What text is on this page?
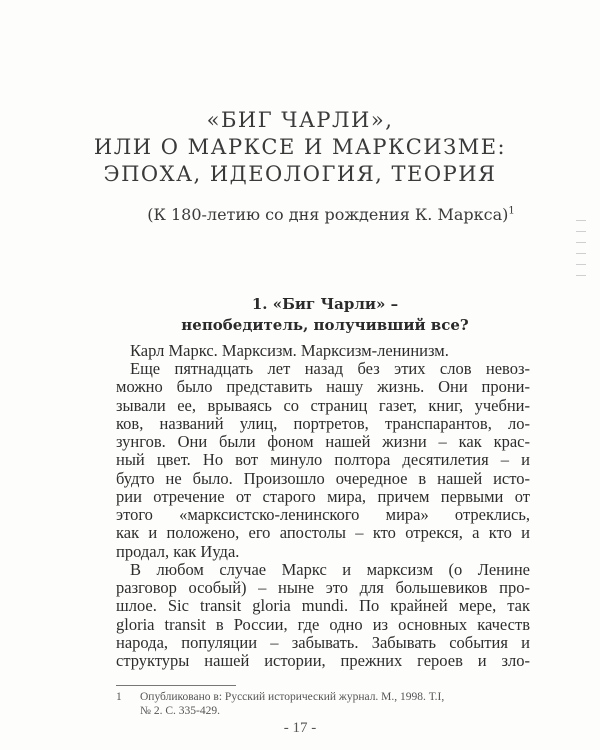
«БИГ ЧАРЛИ»,
ИЛИ О МАРКСЕ И МАРКСИЗМЕ:
ЭПОХА, ИДЕОЛОГИЯ, ТЕОРИЯ
(К 180-летию со дня рождения К. Маркса)$^1$
1. «Биг Чарли» –
непобедитель, получивший все?
Карл Маркс. Марксизм. Марксизм-ленинизм.
Еще пятнадцать лет назад без этих слов невоз-
можно было представить нашу жизнь. Они прони-
зывали ее, врываясь со страниц газет, книг, учебни-
ков, названий улиц, портретов, транспарантов, ло-
зунгов. Они были фоном нашей жизни – как крас-
ный цвет. Но вот минуло полтора десятилетия – и
будто не было. Произошло очередное в нашей исто-
рии отречение от старого мира, причем первыми от
этого «марксистско-ленинского мира» отреклись,
как и положено, его апостолы – кто отрекся, а кто и
продал, как Иуда.
В любом случае Маркс и марксизм (о Ленине
разговор особый) – ныне это для большевиков про-
шлое. Sic transit gloria mundi. По крайней мере, так
gloria transit в России, где одно из основных качеств
народа, популяции – забывать. Забывать события и
структуры нашей истории, прежних героев и зло-
1 Опубликовано в: Русский исторический журнал. М., 1998. Т.I,
№ 2. С. 335-429.
- 17 -
